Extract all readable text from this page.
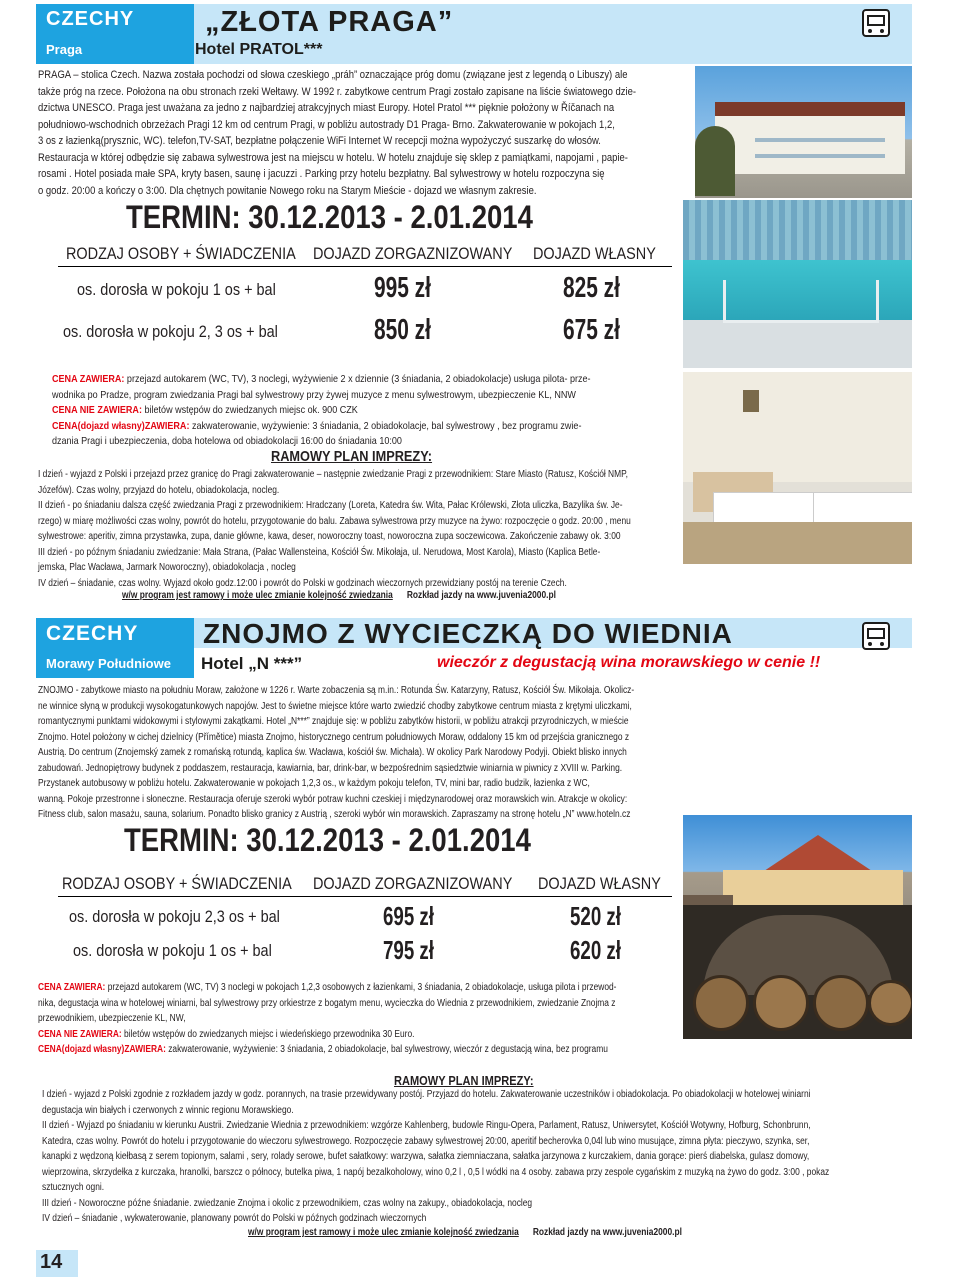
CZECHY
Praga
„ZŁOTA PRAGA”
Hotel PRATOL***
PRAGA – stolica Czech. Nazwa została pochodzi od słowa czeskiego „práh” oznaczające próg domu (związane jest z legendą o Libuszy) ale
także próg na rzece. Położona na obu stronach rzeki Wełtawy. W 1992 r. zabytkowe centrum Pragi zostało zapisane na liście światowego dzie-
dzictwa UNESCO. Praga jest uważana za jedno z najbardziej atrakcyjnych miast Europy. Hotel Pratol *** pięknie położony w Říčanach na
południowo-wschodnich obrzeżach Pragi 12 km od centrum Pragi, w pobliżu autostrady D1 Praga- Brno. Zakwaterowanie w pokojach 1,2,
3 os z łazienką(prysznic, WC). telefon,TV-SAT, bezpłatne połączenie WiFi Internet W recepcji można wypożyczyć suszarkę do włosów.
Restauracja w której odbędzie się zabawa sylwestrowa jest na miejscu w hotelu. W hotelu znajduje się sklep z pamiątkami, napojami , papie-
rosami . Hotel posiada małe SPA, kryty basen, saunę i jacuzzi . Parking przy hotelu bezpłatny. Bal sylwestrowy w hotelu rozpoczyna się
o godz. 20:00 a kończy o 3:00. Dla chętnych powitanie Nowego roku na Starym Mieście - dojazd we własnym zakresie.
TERMIN: 30.12.2013 - 2.01.2014
RODZAJ OSOBY + ŚWIADCZENIA DOJAZD ZORGAZNIZOWANY DOJAZD WŁASNY
os. dorosła w pokoju 1 os + bal	995 zł	825 zł
os. dorosła w pokoju 2, 3 os + bal	850 zł	675 zł
CENA ZAWIERA: przejazd autokarem (WC, TV), 3 noclegi, wyżywienie 2 x dziennie (3 śniadania, 2 obiadokolacje) usługa pilota- prze-
wodnika po Pradze, program zwiedzania Pragi bal sylwestrowy przy żywej muzyce z menu sylwestrowym, ubezpieczenie KL, NNW
CENA NIE ZAWIERA: biletów wstępów do zwiedzanych miejsc ok. 900 CZK
CENA(dojazd własny)ZAWIERA: zakwaterowanie, wyżywienie: 3 śniadania, 2 obiadokolacje, bal sylwestrowy , bez programu zwie-
dzania Pragi i ubezpieczenia, doba hotelowa od obiadokolacji 16:00 do śniadania 10:00
RAMOWY PLAN IMPREZY:
I dzień - wyjazd z Polski i przejazd przez granicę do Pragi zakwaterowanie – następnie zwiedzanie Pragi z przewodnikiem: Stare Miasto (Ratusz, Kościół NMP,
Józefów). Czas wolny, przyjazd do hotelu, obiadokolacja, nocleg.
II dzień - po śniadaniu dalsza część zwiedzania Pragi z przewodnikiem: Hradczany (Loreta, Katedra św. Wita, Pałac Królewski, Złota uliczka, Bazylika św. Je-
rzego) w miarę możliwości czas wolny, powrót do hotelu, przygotowanie do balu. Zabawa sylwestrowa przy muzyce na żywo: rozpoczęcie o godz. 20:00 , menu
sylwestrowe: aperitiv, zimna przystawka, zupa, danie główne, kawa, deser, noworoczny toast, noworoczna zupa soczewicowa. Zakończenie zabawy ok. 3:00
III dzień - po późnym śniadaniu zwiedzanie: Mała Strana, (Pałac Wallensteina, Kościół Św. Mikołaja, ul. Nerudowa, Most Karola), Miasto (Kaplica Betle-
jemska, Plac Wacława, Jarmark Noworoczny), obiadokolacja , nocleg
IV dzień – śniadanie, czas wolny. Wyjazd około godz.12:00 i powrót do Polski w godzinach wieczornych przewidziany postój na terenie Czech.
w/w program jest ramowy i może ulec zmianie kolejność zwiedzania Rozkład jazdy na www.juvenia2000.pl
CZECHY
Morawy Południowe
ZNOJMO Z WYCIECZKĄ DO WIEDNIA
Hotel „N ***”	wieczór z degustacją wina morawskiego w cenie !!
ZNOJMO - zabytkowe miasto na południu Moraw, założone w 1226 r. Warte zobaczenia są m.in.: Rotunda Św. Katarzyny, Ratusz, Kościół Św. Mikołaja. Okolicz-
ne winnice słyną w produkcji wysokogatunkowych napojów. Jest to świetne miejsce które warto zwiedzić chodby zabytkowe centrum miasta z krętymi uliczkami,
romantycznymi punktami widokowymi i stylowymi zakątkami. Hotel „N***” znajduje się: w pobliżu zabytków historii, w pobliżu atrakcji przyrodniczych, w mieście
Znojmo. Hotel położony w cichej dzielnicy (Přímětice) miasta Znojmo, historycznego centrum południowych Moraw, oddalony 15 km od przejścia granicznego z
Austrią. Do centrum (Znojemský zamek z romańską rotundą, kaplica św. Wacława, kościół św. Michała). W okolicy Park Narodowy Podyji. Obiekt blisko innych
zabudowań. Jednopiętrowy budynek z poddaszem, restauracja, kawiarnia, bar, drink-bar, w bezpośrednim sąsiedztwie winiarnia w piwnicy z XVIII w. Parking.
Przystanek autobusowy w pobliżu hotelu. Zakwaterowanie w pokojach 1,2,3 os., w każdym pokoju telefon, TV, mini bar, radio budzik, łazienka z WC,
wanną. Pokoje przestronne i słoneczne. Restauracja oferuje szeroki wybór potraw kuchni czeskiej i międzynarodowej oraz morawskich win. Atrakcje w okolicy:
Fitness club, salon masażu, sauna, solarium. Ponadto blisko granicy z Austrią , szeroki wybór win morawskich. Zapraszamy na stronę hotelu „N” www.hoteln.cz
TERMIN: 30.12.2013 - 2.01.2014
RODZAJ OSOBY + ŚWIADCZENIA DOJAZD ZORGAZNIZOWANY DOJAZD WŁASNY
os. dorosła w pokoju 2,3 os + bal	695 zł	520 zł
os. dorosła w pokoju 1 os + bal	795 zł	620 zł
CENA ZAWIERA: przejazd autokarem (WC, TV) 3 noclegi w pokojach 1,2,3 osobowych z łazienkami, 3 śniadania, 2 obiadokolacje, usługa pilota i przewod-
nika, degustacja wina w hotelowej winiarni, bal sylwestrowy przy orkiestrze z bogatym menu, wycieczka do Wiednia z przewodnikiem, zwiedzanie Znojma z
przewodnikiem, ubezpieczenie KL, NW,
CENA NIE ZAWIERA: biletów wstępów do zwiedzanych miejsc i wiedeńskiego przewodnika 30 Euro.
CENA(dojazd własny)ZAWIERA: zakwaterowanie, wyżywienie: 3 śniadania, 2 obiadokolacje, bal sylwestrowy, wieczór z degustacją wina, bez programu
RAMOWY PLAN IMPREZY:
I dzień - wyjazd z Polski zgodnie z rozkładem jazdy w godz. porannych, na trasie przewidywany postój. Przyjazd do hotelu. Zakwaterowanie uczestników i obiadokolacja. Po obiadokolacji w hotelowej winiarni
degustacja win białych i czerwonych z winnic regionu Morawskiego.
II dzień - Wyjazd po śniadaniu w kierunku Austrii. Zwiedzanie Wiednia z przewodnikiem: wzgórze Kahlenberg, budowle Ringu-Opera, Parlament, Ratusz, Uniwersytet, Kościół Wotywny, Hofburg, Schonbrunn,
Katedra, czas wolny. Powrót do hotelu i przygotowanie do wieczoru sylwestrowego. Rozpoczęcie zabawy sylwestrowej 20:00, aperitif becherovka 0,04l lub wino musujące, zimna płyta: pieczywo, szynka, ser,
kanapki z wędzoną kiełbasą z serem topionym, salami , sery, rolady serowe, bufet sałatkowy: warzywa, sałatka ziemniaczana, sałatka jarzynowa z kurczakiem, dania gorące: pierś diabelska, gulasz domowy,
wieprzowina, skrzydełka z kurczaka, hranolki, barszcz o północy, butelka piwa, 1 napój bezalkoholowy, wino 0,2 l , 0,5 l wódki na 4 osoby. zabawa przy zespole cygańskim z muzyką na żywo do godz. 3:00 , pokaz
sztucznych ogni.
III dzień - Noworoczne późne śniadanie. zwiedzanie Znojma i okolic z przewodnikiem, czas wolny na zakupy., obiadokolacja, nocleg
IV dzień – śniadanie , wykwaterowanie, planowany powrót do Polski w późnych godzinach wieczornych
w/w program jest ramowy i może ulec zmianie kolejność zwiedzania Rozkład jazdy na www.juvenia2000.pl
14
